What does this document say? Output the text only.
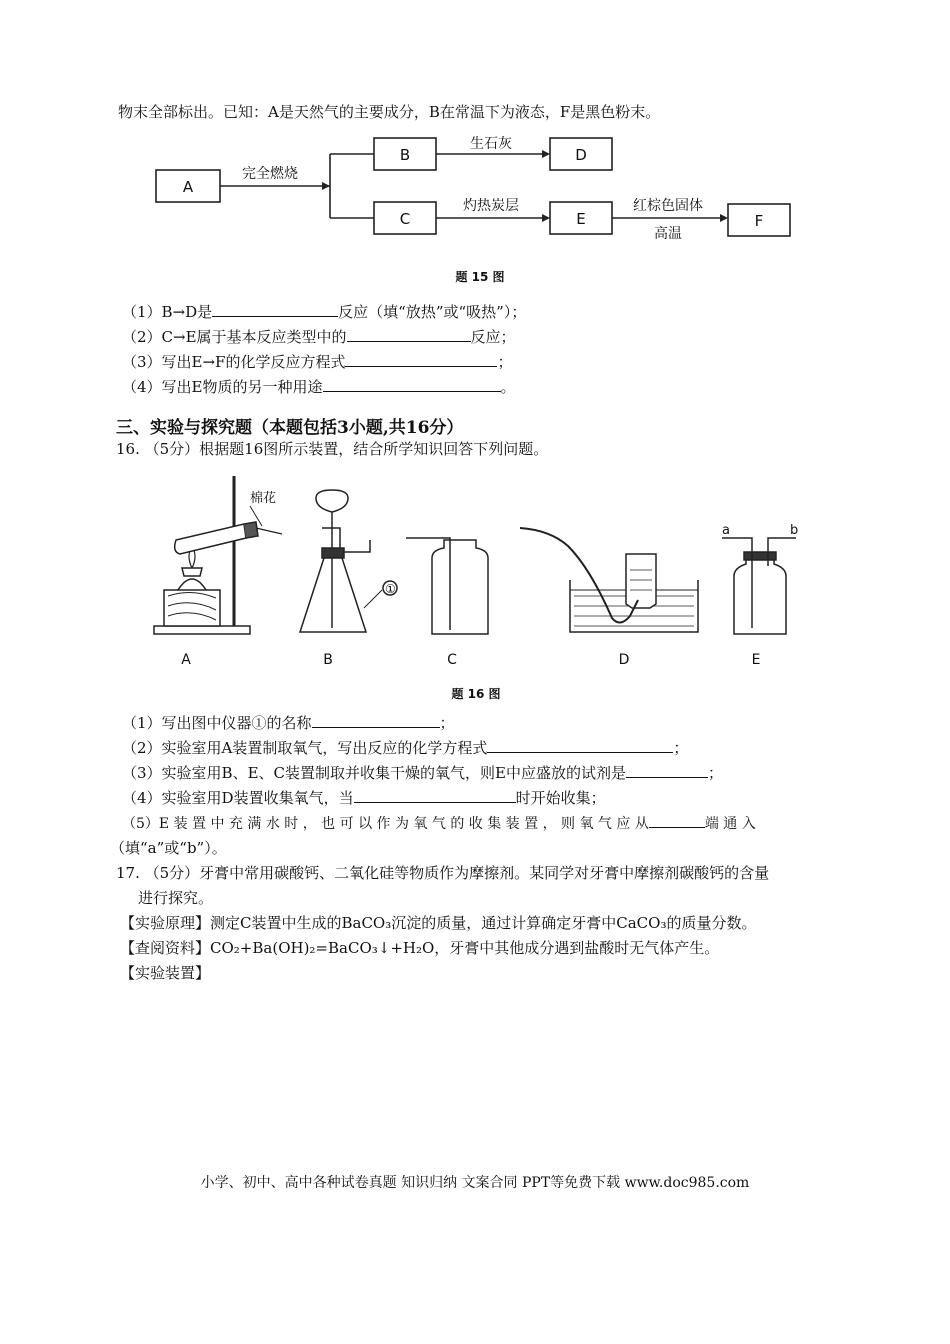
物末全部标出。已知：A是天然气的主要成分，B在常温下为液态，F是黑色粉末。
A
B	D
C	E	F
完全燃烧
生石灰
灼热炭层	红棕色固体
高温
题 15 图
（1）B→D是	反应（填“放热”或“吸热”）；
（2）C→E属于基本反应类型中的	反应；
（3）写出E→F的化学反应方程式	；
（4）写出E物质的另一种用途	。
三、实验与探究题（本题包括3小题,共16分）
16. （5分）根据题16图所示装置，结合所学知识回答下列问题。
棉花
①
a	b
A	B	C	D	E
题 16 图
（1）写出图中仪器①的名称	；
（2）实验室用A装置制取氧气，写出反应的化学方程式	；
（3）实验室用B、E、C装置制取并收集干燥的氧气，则E中应盛放的试剂是	；
（4）实验室用D装置收集氧气，当	时开始收集；
（5）E 装 置 中 充 满 水 时 ， 也 可 以 作 为 氧 气 的 收 集 装 置 ， 则 氧 气 应 从	端 通 入
（填“a”或“b”）。
17. （5分）牙膏中常用碳酸钙、二氧化硅等物质作为摩擦剂。某同学对牙膏中摩擦剂碳酸钙的含量
进行探究。
【实验原理】测定C装置中生成的BaCO₃沉淀的质量，通过计算确定牙膏中CaCO₃的质量分数。
【查阅资料】CO₂+Ba(OH)₂=BaCO₃↓+H₂O，牙膏中其他成分遇到盐酸时无气体产生。
【实验装置】
小学、初中、高中各种试卷真题 知识归纳 文案合同 PPT等免费下载 www.doc985.com
